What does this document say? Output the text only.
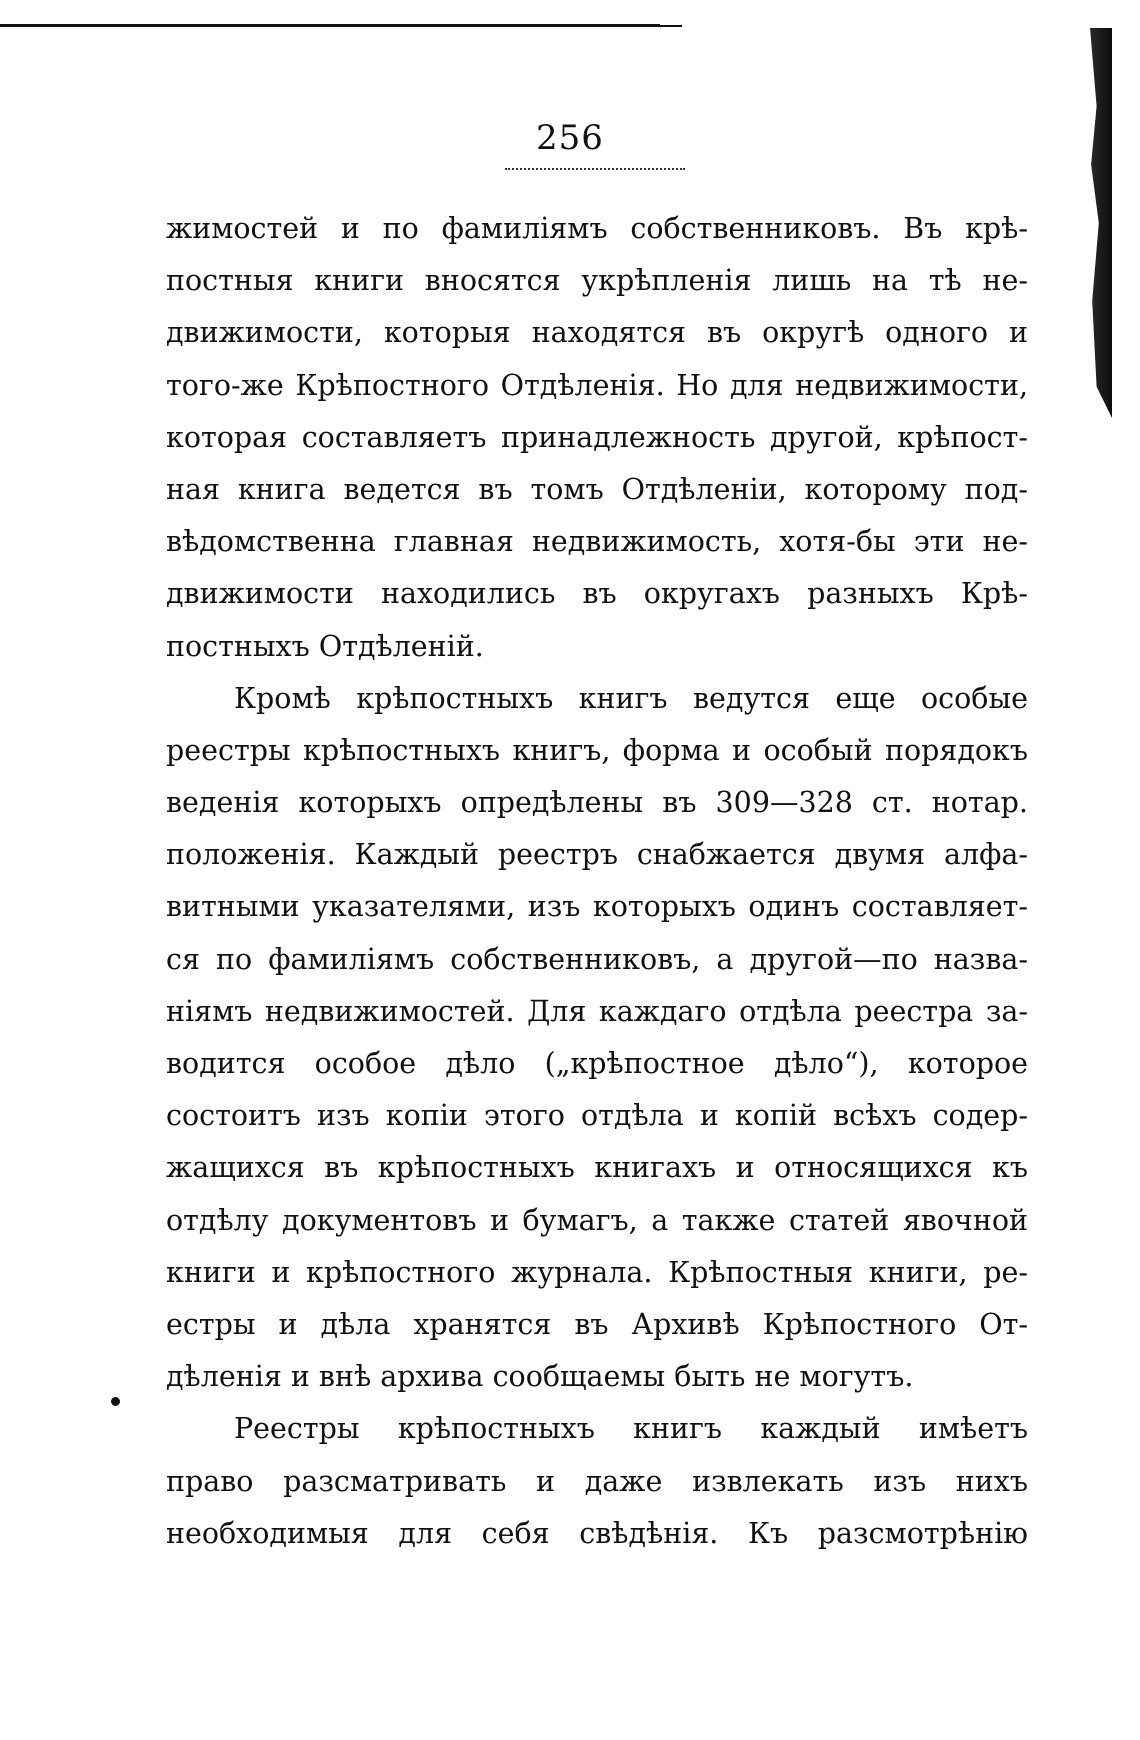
256
жимостей и по фамиліямъ собственниковъ. Въ крѣ-
постныя книги вносятся укрѣпленія лишь на тѣ не-
движимости, которыя находятся въ округѣ одного и
того-же Крѣпостного Отдѣленія. Но для недвижимости,
которая составляетъ принадлежность другой, крѣпост-
ная книга ведется въ томъ Отдѣленіи, которому под-
вѣдомственна главная недвижимость, хотя-бы эти не-
движимости находились въ округахъ разныхъ Крѣ-
постныхъ Отдѣленій.
Кромѣ крѣпостныхъ книгъ ведутся еще особые
реестры крѣпостныхъ книгъ, форма и особый порядокъ
веденія которыхъ опредѣлены въ 309—328 ст. нотар.
положенія. Каждый реестръ снабжается двумя алфа-
витными указателями, изъ которыхъ одинъ составляет-
ся по фамиліямъ собственниковъ, а другой—по назва-
ніямъ недвижимостей. Для каждаго отдѣла реестра за-
водится особое дѣло („крѣпостное дѣло“), которое
состоитъ изъ копіи этого отдѣла и копій всѣхъ содер-
жащихся въ крѣпостныхъ книгахъ и относящихся къ
отдѣлу документовъ и бумагъ, а также статей явочной
книги и крѣпостного журнала. Крѣпостныя книги, ре-
естры и дѣла хранятся въ Архивѣ Крѣпостного От-
дѣленія и внѣ архива сообщаемы быть не могутъ.
Реестры крѣпостныхъ книгъ каждый имѣетъ
право разсматривать и даже извлекать изъ нихъ
необходимыя для себя свѣдѣнія. Къ разсмотрѣнію
